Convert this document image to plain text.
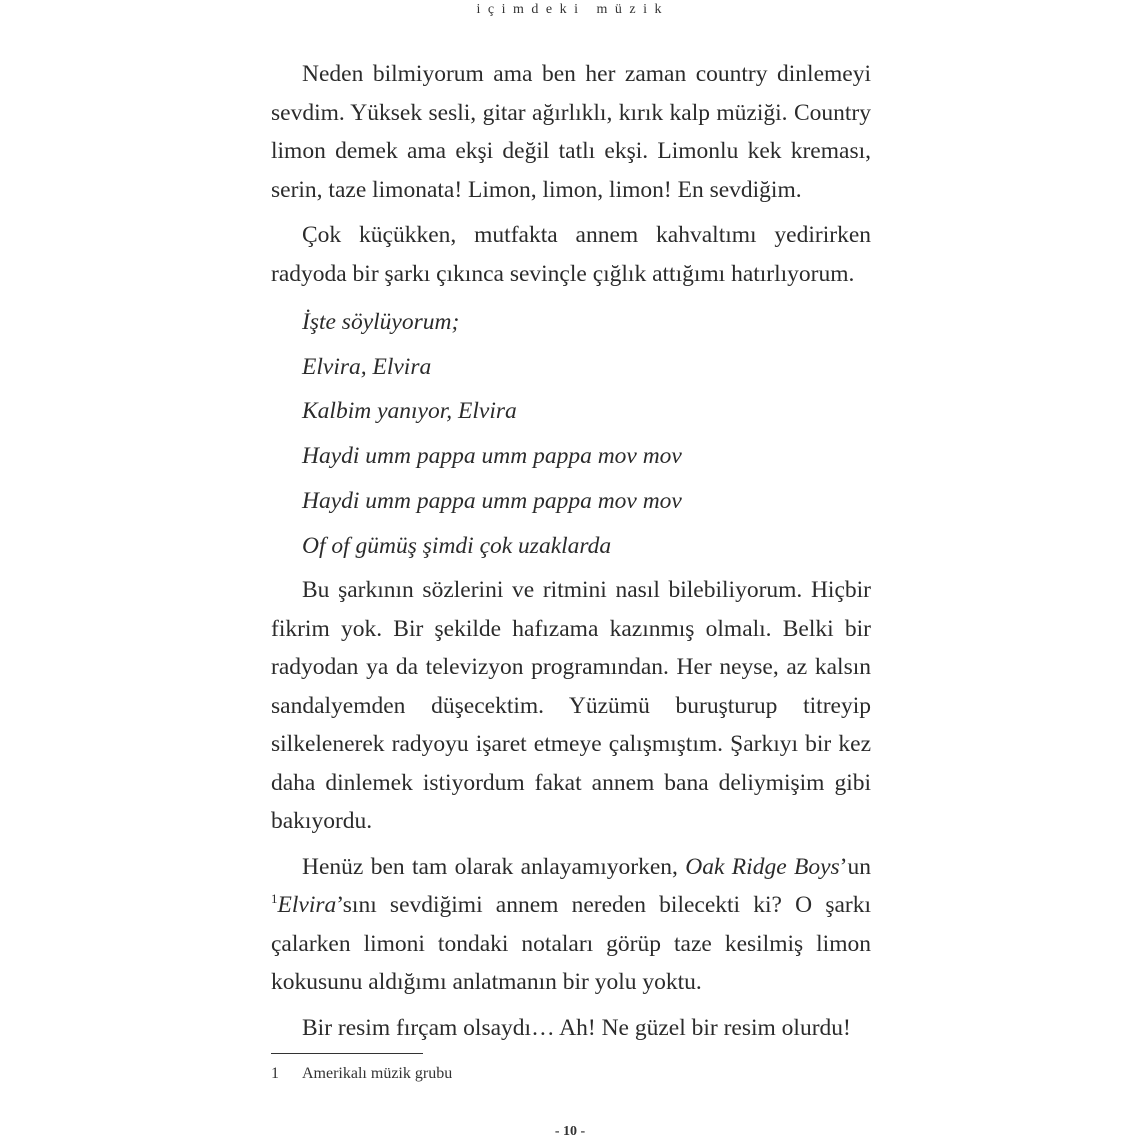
i ç i m d e k i   m ü z i k

Neden bilmiyorum ama ben her zaman country dinlemeyi sevdim. Yüksek sesli, gitar ağırlıklı, kırık kalp müziği. Country limon demek ama ekşi değil tatlı ekşi. Limonlu kek kreması, serin, taze limonata! Limon, limon, limon! En sevdiğim.

Çok küçükken, mutfakta annem kahvaltımı yedirirken radyoda bir şarkı çıkınca sevinçle çığlık attığımı hatırlıyorum.

İşte söylüyorum;

Elvira, Elvira

Kalbim yanıyor, Elvira

Haydi umm pappa umm pappa mov mov

Haydi umm pappa umm pappa mov mov

Of of gümüş şimdi çok uzaklarda

Bu şarkının sözlerini ve ritmini nasıl bilebiliyorum. Hiçbir fikrim yok. Bir şekilde hafızama kazınmış olmalı. Belki bir radyodan ya da televizyon programından. Her neyse, az kalsın sandalyemden düşecektim. Yüzümü buruşturup titreyip silkelenerek radyoyu işaret etmeye çalışmıştım. Şarkıyı bir kez daha dinlemek istiyordum fakat annem bana deliymişim gibi bakıyordu.

Henüz ben tam olarak anlayamıyorken, Oak Ridge Boys’un $^1$Elvira’sını sevdiğimi annem nereden bilecekti ki? O şarkı çalarken limoni tondaki notaları görüp taze kesilmiş limon kokusunu aldığımı anlatmanın bir yolu yoktu.

Bir resim fırçam olsaydı… Ah! Ne güzel bir resim olurdu!

1 Amerikalı müzik grubu
- 10 -
